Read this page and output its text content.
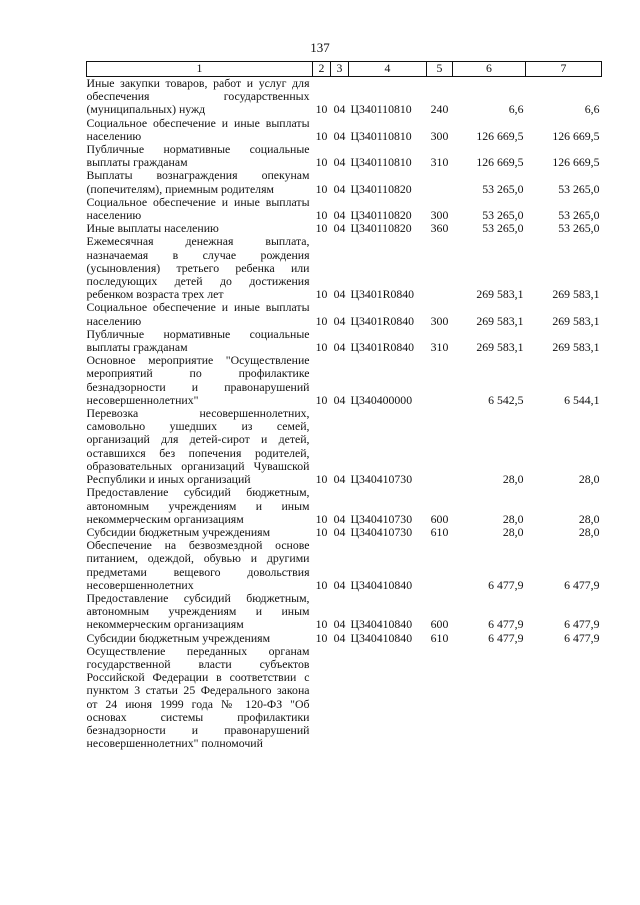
137
1	2	3	4	5	6	7
Иные закупки товаров, работ и услуг для обеспечения государственных (муниципальных) нужд	10	04	Ц340110810	240	6,6	6,6
Социальное обеспечение и иные выплаты населению	10	04	Ц340110810	300	126 669,5	126 669,5
Публичные нормативные социальные выплаты гражданам	10	04	Ц340110810	310	126 669,5	126 669,5
Выплаты вознаграждения опекунам (попечителям), приемным родителям	10	04	Ц340110820		53 265,0	53 265,0
Социальное обеспечение и иные выплаты населению	10	04	Ц340110820	300	53 265,0	53 265,0
Иные выплаты населению	10	04	Ц340110820	360	53 265,0	53 265,0
Ежемесячная денежная выплата, назначаемая в случае рождения (усыновления) третьего ребенка или последующих детей до достижения ребенком возраста трех лет	10	04	Ц3401R0840		269 583,1	269 583,1
Социальное обеспечение и иные выплаты населению	10	04	Ц3401R0840	300	269 583,1	269 583,1
Публичные нормативные социальные выплаты гражданам	10	04	Ц3401R0840	310	269 583,1	269 583,1
Основное мероприятие "Осуществление мероприятий по профилактике безнадзорности и правонарушений несовершеннолетних"	10	04	Ц340400000		6 542,5	6 544,1
Перевозка несовершеннолетних, самовольно ушедших из семей, организаций для детей-сирот и детей, оставшихся без попечения родителей, образовательных организаций Чувашской Республики и иных организаций	10	04	Ц340410730		28,0	28,0
Предоставление субсидий бюджетным, автономным учреждениям и иным некоммерческим организациям	10	04	Ц340410730	600	28,0	28,0
Субсидии бюджетным учреждениям	10	04	Ц340410730	610	28,0	28,0
Обеспечение на безвозмездной основе питанием, одеждой, обувью и другими предметами вещевого довольствия несовершеннолетних	10	04	Ц340410840		6 477,9	6 477,9
Предоставление субсидий бюджетным, автономным учреждениям и иным некоммерческим организациям	10	04	Ц340410840	600	6 477,9	6 477,9
Субсидии бюджетным учреждениям	10	04	Ц340410840	610	6 477,9	6 477,9
Осуществление переданных органам государственной власти субъектов Российской Федерации в соответствии с пунктом 3 статьи 25 Федерального закона от 24 июня 1999 года № 120-ФЗ "Об основах системы профилактики безнадзорности и правонарушений несовершеннолетних" полномочий						
